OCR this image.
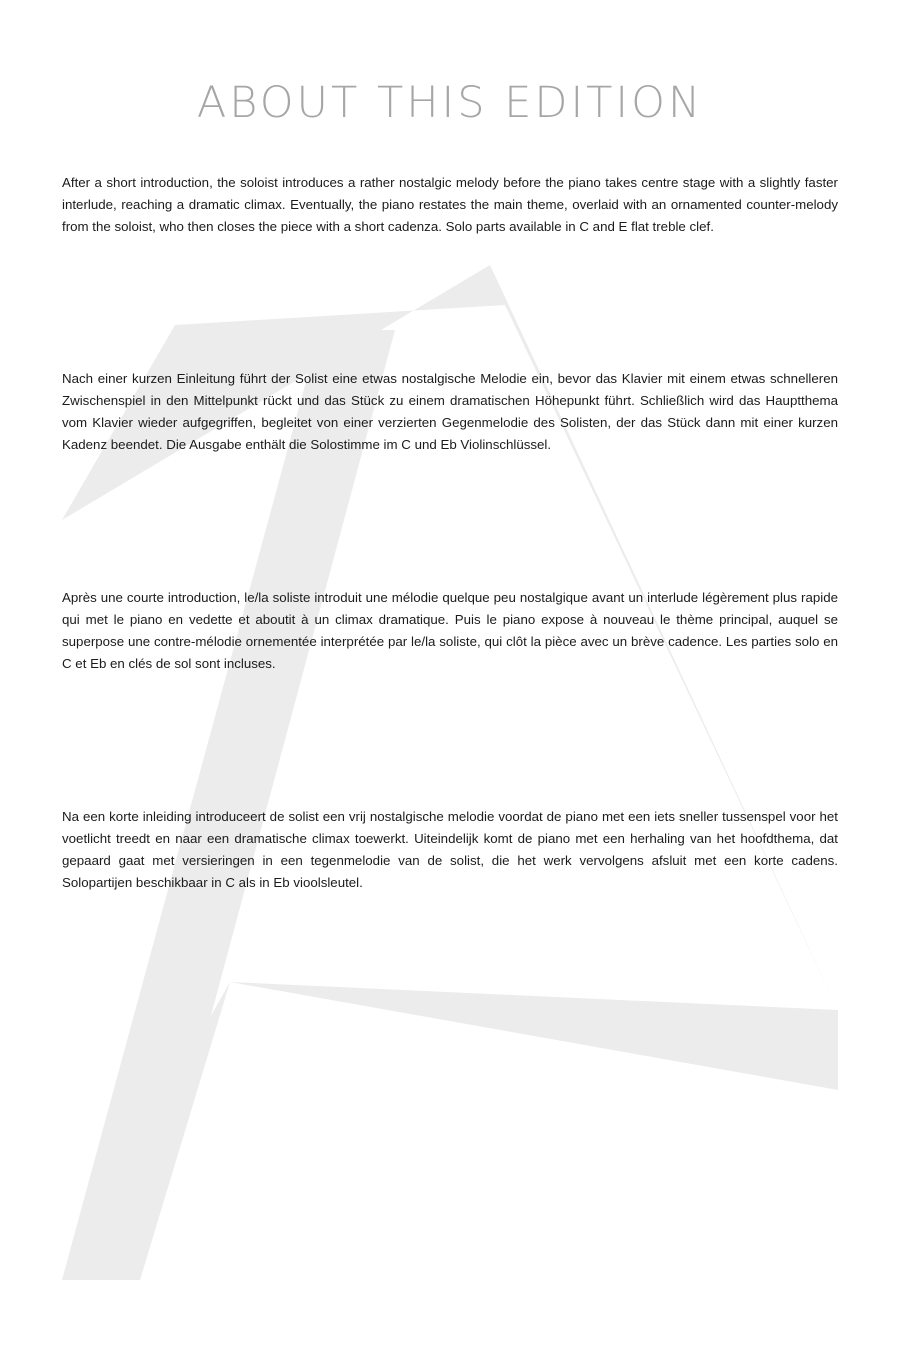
ABOUT THIS EDITION

After a short introduction, the soloist introduces a rather nostalgic melody before the piano takes centre stage with a slightly faster interlude, reaching a dramatic climax. Eventually, the piano restates the main theme, overlaid with an ornamented counter-melody from the soloist, who then closes the piece with a short cadenza. Solo parts available in C and E flat treble clef.

Nach einer kurzen Einleitung führt der Solist eine etwas nostalgische Melodie ein, bevor das Klavier mit einem etwas schnelleren Zwischenspiel in den Mittelpunkt rückt und das Stück zu einem dramatischen Höhepunkt führt. Schließlich wird das Hauptthema vom Klavier wieder aufgegriffen, begleitet von einer verzierten Gegenmelodie des Solisten, der das Stück dann mit einer kurzen Kadenz beendet. Die Ausgabe enthält die Solostimme im C und Eb Violinschlüssel.

Après une courte introduction, le/la soliste introduit une mélodie quelque peu nostalgique avant un interlude légèrement plus rapide qui met le piano en vedette et aboutit à un climax dramatique. Puis le piano expose à nouveau le thème principal, auquel se superpose une contre-mélodie ornementée interprétée par le/la soliste, qui clôt la pièce avec un brève cadence. Les parties solo en C et Eb en clés de sol sont incluses.

Na een korte inleiding introduceert de solist een vrij nostalgische melodie voordat de piano met een iets sneller tussenspel voor het voetlicht treedt en naar een dramatische climax toewerkt. Uiteindelijk komt de piano met een herhaling van het hoofdthema, dat gepaard gaat met versieringen in een tegenmelodie van de solist, die het werk vervolgens afsluit met een korte cadens. Solopartijen beschikbaar in C als in Eb vioolsleutel.
